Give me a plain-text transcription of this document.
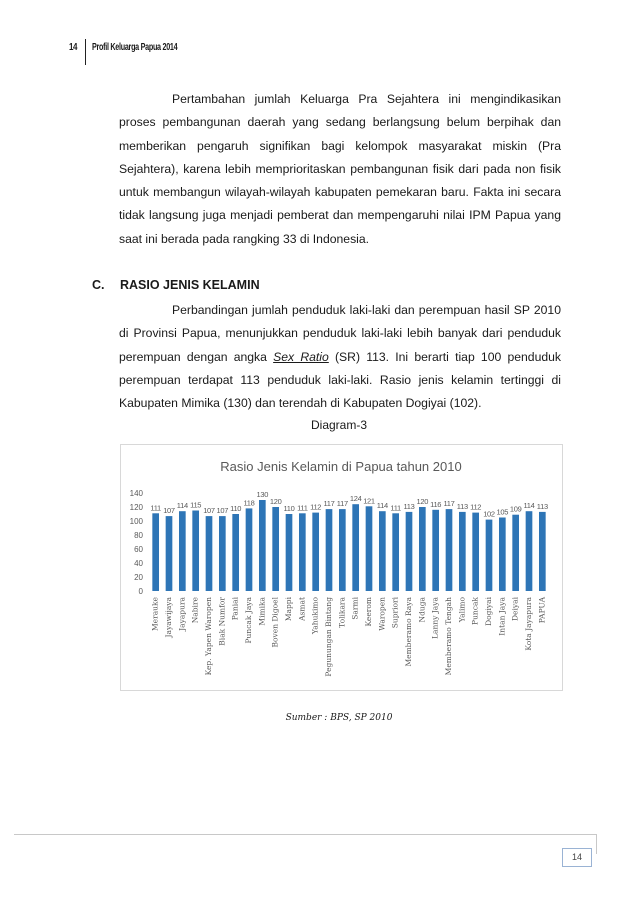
14 Profil Keluarga Papua 2014

Pertambahan jumlah Keluarga Pra Sejahtera ini mengindikasikan proses pembangunan daerah yang sedang berlangsung belum berpihak dan memberikan pengaruh signifikan bagi kelompok masyarakat miskin (Pra Sejahtera), karena lebih memprioritaskan pembangunan fisik dari pada non fisik untuk membangun wilayah-wilayah kabupaten pemekaran baru. Fakta ini secara tidak langsung juga menjadi pemberat dan mempengaruhi nilai IPM Papua yang saat ini berada pada rangking 33 di Indonesia.

C. RASIO JENIS KELAMIN

Perbandingan jumlah penduduk laki-laki dan perempuan hasil SP 2010 di Provinsi Papua, menunjukkan penduduk laki-laki lebih banyak dari penduduk perempuan dengan angka Sex Ratio (SR) 113. Ini berarti tiap 100 penduduk perempuan terdapat 113 penduduk laki-laki. Rasio jenis kelamin tertinggi di Kabupaten Mimika (130) dan terendah di Kabupaten Dogiyai (102).

Diagram-3
Rasio Jenis Kelamin di Papua tahun 2010
0
20
40
60
80
100
120
140
111 107
114 115
107 107 110
118
130
120
110 111 112 117 117
124 121
114 111 113
120 116 117 113 112
102 105 109 114 113
Merauke Jayawijaya Jayapura Nabire Kep. Yapen Waropen Biak Numfor Paniai Puncak Jaya Mimika Boven Digoel Mappi Asmat Yahukimo Pegunungan Bintang Tolikara Sarmi Keerom Waropen Supriori Memberamo Raya Nduga Lanny Jaya Memberamo Tengah Yalimo Puncak Dogiyai Intan Jaya Deiyai Kota Jayapura PAPUA
Sumber : BPS, SP 2010
14
